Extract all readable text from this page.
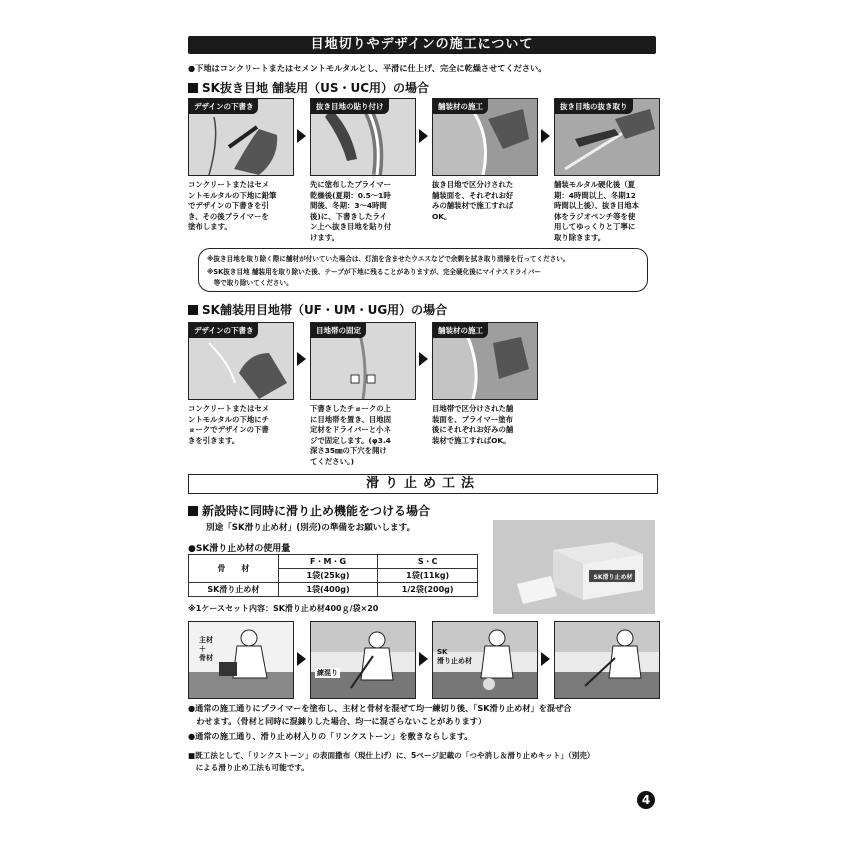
目地切りやデザインの施工について
●下地はコンクリートまたはセメントモルタルとし、平滑に仕上げ、完全に乾燥させてください。
SK抜き目地 舗装用（US・UC用）の場合
デザインの下書き	抜き目地の貼り付け	舗装材の施工	抜き目地の抜き取り
コンクリートまたはセメ
ントモルタルの下地に鉛筆
でデザインの下書きを引
き、その後プライマーを
塗布します。
先に塗布したプライマー
乾燥後(夏期：0.5～1時
間後、冬期：3～4時間
後)に、下書きしたライ
ン上へ抜き目地を貼り付
けます。
抜き目地で区分けされた
舗装面を、それぞれお好
みの舗装材で施工すれば
OK。
舗装モルタル硬化後（夏
期：4時間以上、冬期12
時間以上後）、抜き目地本
体をラジオペンチ等を使
用してゆっくりと丁寧に
取り除きます。
※抜き目地を取り除く際に舗材が付いていた場合は、灯油を含ませたウエスなどで余剰を拭き取り清掃を行ってください。
※SK抜き目地 舗装用を取り除いた後、テープが下地に残ることがありますが、完全硬化後にマイナスドライバー
　等で取り除いてください。
SK舗装用目地帯（UF・UM・UG用）の場合
デザインの下書き	目地帯の固定	舗装材の施工
コンクリートまたはセメ
ントモルタルの下地にチ
ョークでデザインの下書
きを引きます。
下書きしたチョークの上
に目地帯を置き、目地固
定材をドライバーと小ネ
ジで固定します。(φ3.4
深さ35㎜の下穴を開け
てください。)
目地帯で区分けされた舗
装面を、プライマー塗布
後にそれぞれお好みの舗
装材で施工すればOK。
滑り止め工法
新設時に同時に滑り止め機能をつける場合
別途「SK滑り止め材」(別売)の準備をお願いします。
●SK滑り止め材の使用量
骨　　材	F・M・G	S・C
	1袋(25kg)	1袋(11kg)
SK滑り止め材	1袋(400g)	1/2袋(200g)
※1ケースセット内容：SK滑り止め材400ｇ/袋×20
SK滑り止め材
主材
＋
骨材
練混り
SK
滑り止め材
●通常の施工通りにプライマーを塗布し、主材と骨材を混ぜて均一練切り後、「SK滑り止め材」を混ぜ合
　わせます。（骨材と同時に混錬りした場合、均一に混ざらないことがあります）
●通常の施工通り、滑り止め材入りの「リンクストーン」を敷きならします。
■既工法として、「リンクストーン」の表面撒布（現仕上げ）に、5ページ記載の「つや消し＆滑り止めキット」（別売）
　による滑り止め工法も可能です。
4
